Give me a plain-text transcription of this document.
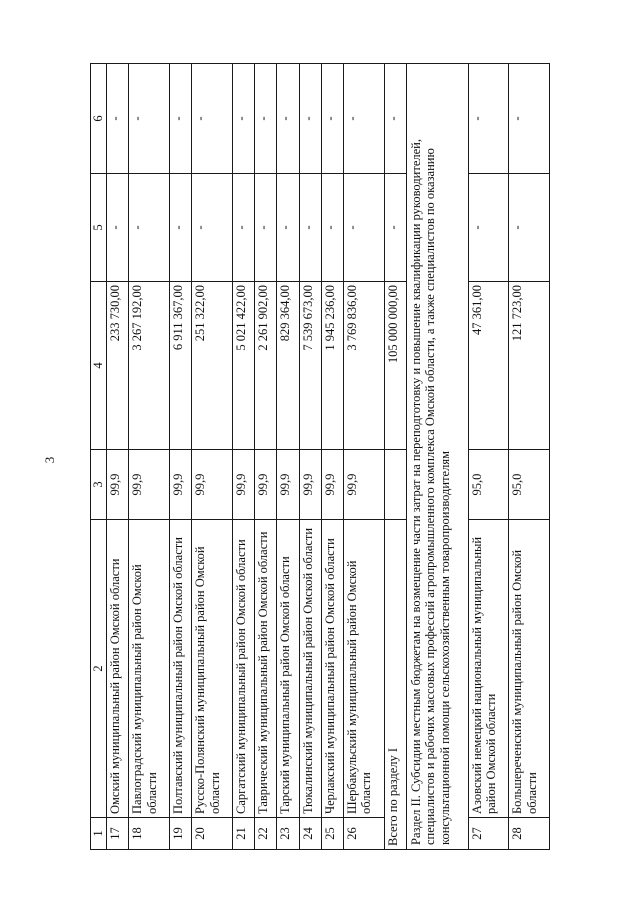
3
1	2	3	4	5	6
17	Омский муниципальный район Омской области	99,9	233 730,00	-	-
18	Павлоградский муниципальный район Омской области	99,9	3 267 192,00	-	-
19	Полтавский муниципальный район Омской области	99,9	6 911 367,00	-	-
20	Русско-Полянский муниципальный район Омской области	99,9	251 322,00	-	-
21	Саргатский муниципальный район Омской области	99,9	5 021 422,00	-	-
22	Таврический муниципальный район Омской области	99,9	2 261 902,00	-	-
23	Тарский муниципальный район Омской области	99,9	829 364,00	-	-
24	Тюкалинский муниципальный район Омской области	99,9	7 539 673,00	-	-
25	Черлакский муниципальный район Омской области	99,9	1 945 236,00	-	-
26	Шербакульский муниципальный район Омской области	99,9	3 769 836,00	-	-
Всего по разделу I			105 000 000,00	-	-
Раздел II. Субсидии местным бюджетам на возмещение части затрат на переподготовку и повышение квалификации руководителей, специалистов и рабочих массовых профессий агропромышленного комплекса Омской области, а также специалистов по оказанию консультационной помощи сельскохозяйственным товаропроизводителям					
27	Азовский немецкий национальный муниципальный район Омской области	95,0	47 361,00	-	-
28	Большереченский муниципальный район Омской области	95,0	121 723,00	-	-
